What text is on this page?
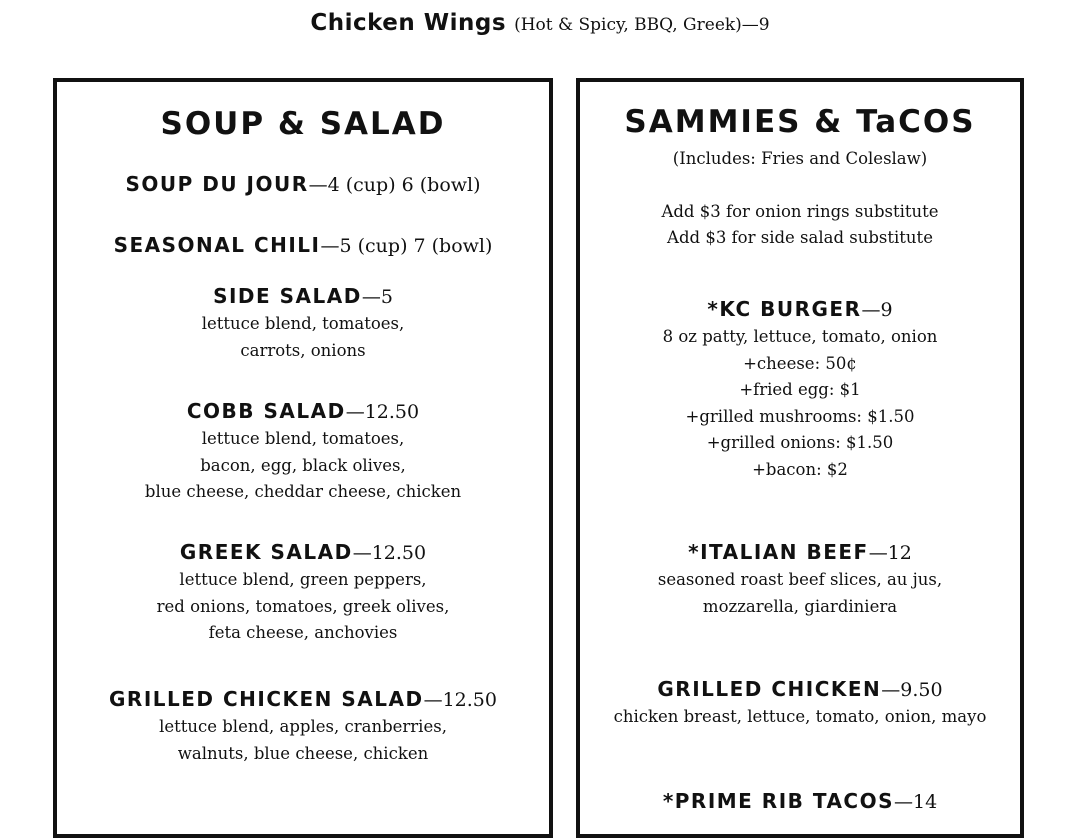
Chicken Wings (Hot & Spicy, BBQ, Greek)—9
SOUP & SALAD
SOUP DU JOUR—4 (cup) 6 (bowl)
SEASONAL CHILI—5 (cup) 7 (bowl)
SIDE SALAD—5
lettuce blend, tomatoes,
carrots, onions
COBB SALAD—12.50
lettuce blend, tomatoes,
bacon, egg, black olives,
blue cheese, cheddar cheese, chicken
GREEK SALAD—12.50
lettuce blend, green peppers,
red onions, tomatoes, greek olives,
feta cheese, anchovies
GRILLED CHICKEN SALAD—12.50
lettuce blend, apples, cranberries,
walnuts, blue cheese, chicken
SAMMIES & TaCOS
(Includes: Fries and Coleslaw)
Add $3 for onion rings substitute
Add $3 for side salad substitute
*KC BURGER—9
8 oz patty, lettuce, tomato, onion
+cheese: 50¢
+fried egg: $1
+grilled mushrooms: $1.50
+grilled onions: $1.50
+bacon: $2
*ITALIAN BEEF—12
seasoned roast beef slices, au jus,
mozzarella, giardiniera
GRILLED CHICKEN—9.50
chicken breast, lettuce, tomato, onion, mayo
*PRIME RIB TACOS—14
